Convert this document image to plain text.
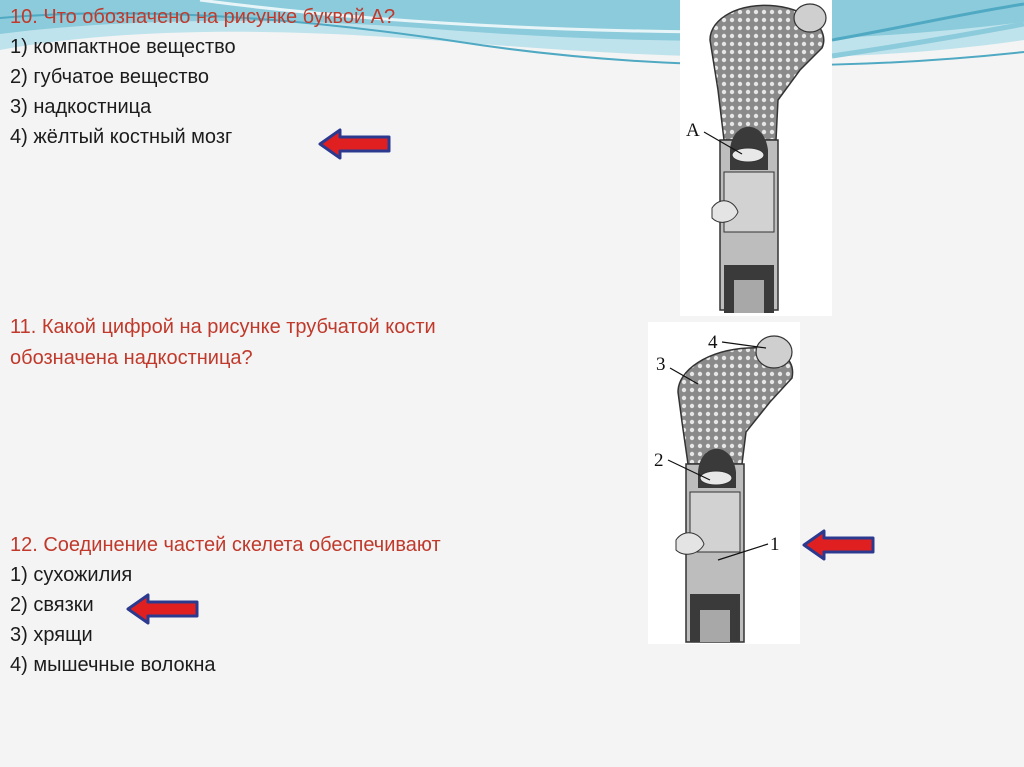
10. Что обозначено на рисунке буквой А?
1) компактное вещество
2) губчатое вещество
3) надкостница
4) жёлтый костный мозг
11. Какой цифрой на рисунке трубчатой кости
обозначена надкостница?
12. Соединение частей скелета обеспечивают
1) сухожилия
2) связки
3) хрящи
4) мышечные волокна
А
1
2
3
4
